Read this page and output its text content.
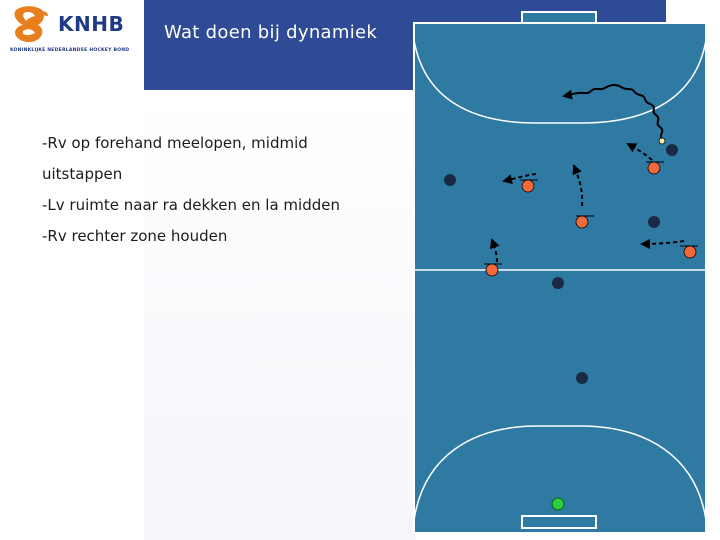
KNHB
KONINKLIJKE NEDERLANDSE HOCKEY BOND
Wat doen bij dynamiek
-Rv op forehand meelopen, midmid
uitstappen
-Lv ruimte naar ra dekken en la midden
-Rv rechter zone houden
